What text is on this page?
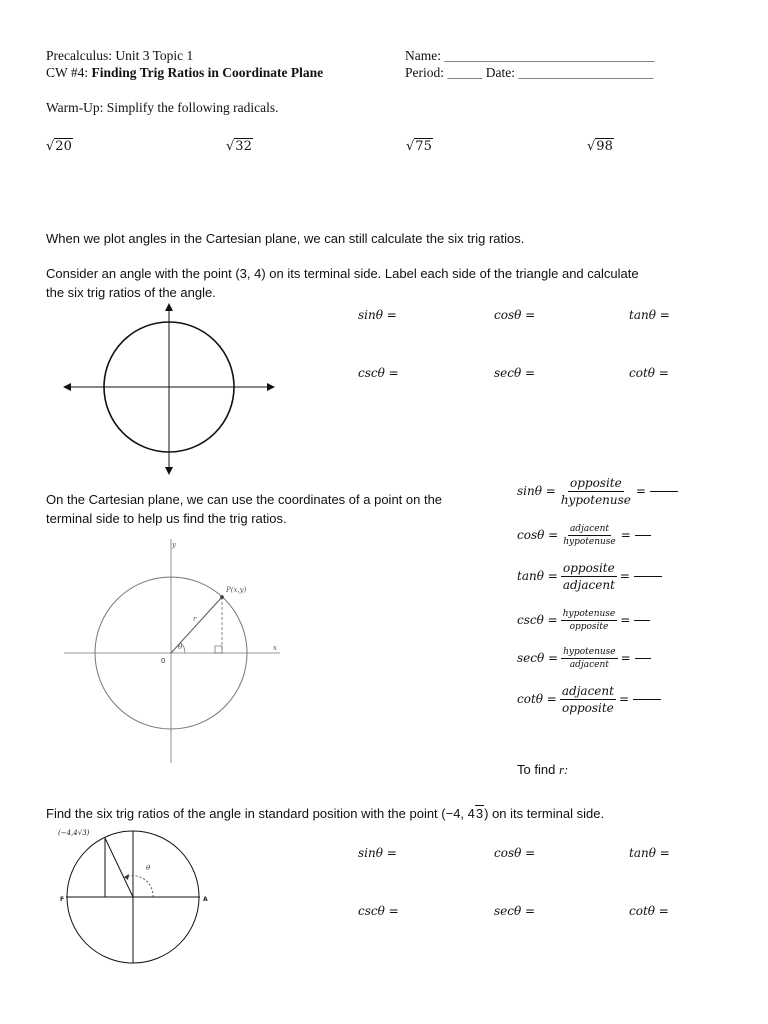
Precalculus: Unit 3 Topic 1
CW #4: Finding Trig Ratios in Coordinate Plane
Name: __________________________________________
Period: _______ Date: ___________________________
Warm-Up: Simplify the following radicals.
√20	√32	√75	√98
When we plot angles in the Cartesian plane, we can still calculate the six trig ratios.
Consider an angle with the point (3, 4) on its terminal side. Label each side of the triangle and calculate
the six trig ratios of the angle.
sinθ =	cosθ =	tanθ =
cscθ =	secθ =	cotθ =
On the Cartesian plane, we can use the coordinates of a point on the
terminal side to help us find the trig ratios.
y
x
0
P(x,y)
r
θ
$\sin\theta = \frac{\text{opposite}}{\text{hypotenuse}}$ =
$\cos\theta = \frac{\text{adjacent}}{\text{hypotenuse}}$ =
$\tan\theta = \frac{\text{opposite}}{\text{adjacent}}$ =
$\csc\theta = \frac{\text{hypotenuse}}{\text{opposite}}$ =
$\sec\theta = \frac{\text{hypotenuse}}{\text{adjacent}}$ =
$\cot\theta = \frac{\text{adjacent}}{\text{opposite}}$ =
To find r:
Find the six trig ratios of the angle in standard position with the point (−4, 43) on its terminal side.
(−4,4√3)
F	A
θ
sinθ =	cosθ =	tanθ =
cscθ =	secθ =	cotθ =
